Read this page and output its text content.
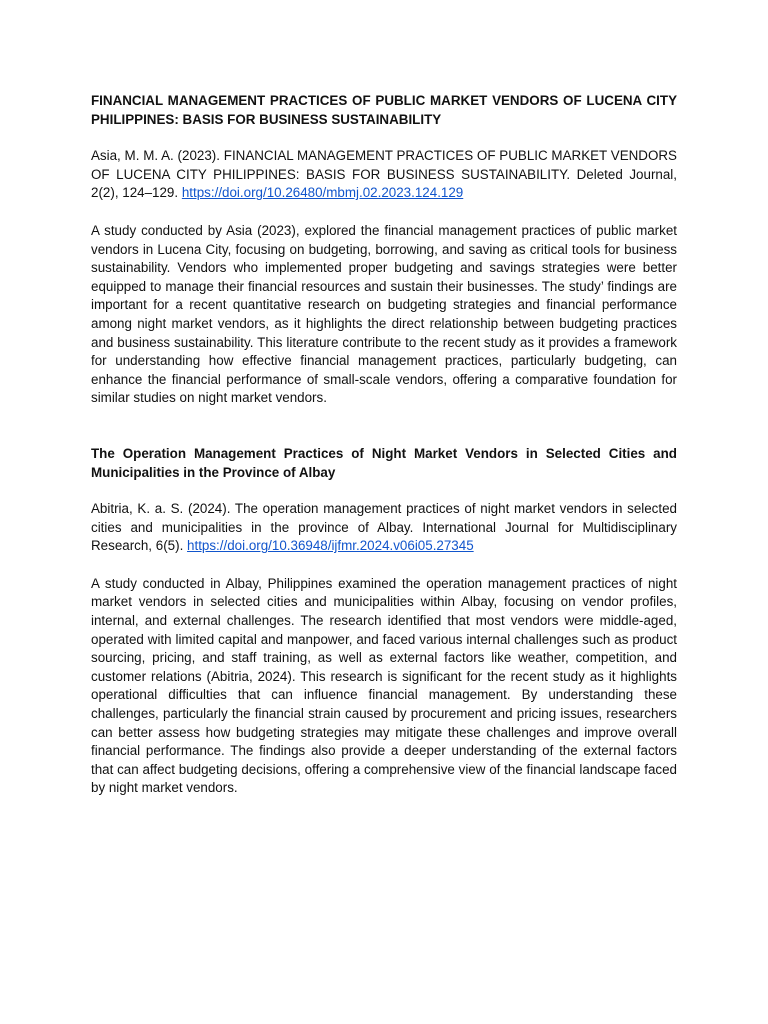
FINANCIAL MANAGEMENT PRACTICES OF PUBLIC MARKET VENDORS OF LUCENA CITY PHILIPPINES: BASIS FOR BUSINESS SUSTAINABILITY

Asia, M. M. A. (2023). FINANCIAL MANAGEMENT PRACTICES OF PUBLIC MARKET VENDORS OF LUCENA CITY PHILIPPINES: BASIS FOR BUSINESS SUSTAINABILITY. Deleted Journal, 2(2), 124–129. https://doi.org/10.26480/mbmj.02.2023.124.129

A study conducted by Asia (2023), explored the financial management practices of public market vendors in Lucena City, focusing on budgeting, borrowing, and saving as critical tools for business sustainability. Vendors who implemented proper budgeting and savings strategies were better equipped to manage their financial resources and sustain their businesses. The study’ findings are important for a recent quantitative research on budgeting strategies and financial performance among night market vendors, as it highlights the direct relationship between budgeting practices and business sustainability. This literature contribute to the recent study as it provides a framework for understanding how effective financial management practices, particularly budgeting, can enhance the financial performance of small-scale vendors, offering a comparative foundation for similar studies on night market vendors.

The Operation Management Practices of Night Market Vendors in Selected Cities and Municipalities in the Province of Albay

Abitria, K. a. S. (2024). The operation management practices of night market vendors in selected cities and municipalities in the province of Albay. International Journal for Multidisciplinary Research, 6(5). https://doi.org/10.36948/ijfmr.2024.v06i05.27345

A study conducted in Albay, Philippines examined the operation management practices of night market vendors in selected cities and municipalities within Albay, focusing on vendor profiles, internal, and external challenges. The research identified that most vendors were middle-aged, operated with limited capital and manpower, and faced various internal challenges such as product sourcing, pricing, and staff training, as well as external factors like weather, competition, and customer relations (Abitria, 2024). This research is significant for the recent study as it highlights operational difficulties that can influence financial management. By understanding these challenges, particularly the financial strain caused by procurement and pricing issues, researchers can better assess how budgeting strategies may mitigate these challenges and improve overall financial performance. The findings also provide a deeper understanding of the external factors that can affect budgeting decisions, offering a comprehensive view of the financial landscape faced by night market vendors.
